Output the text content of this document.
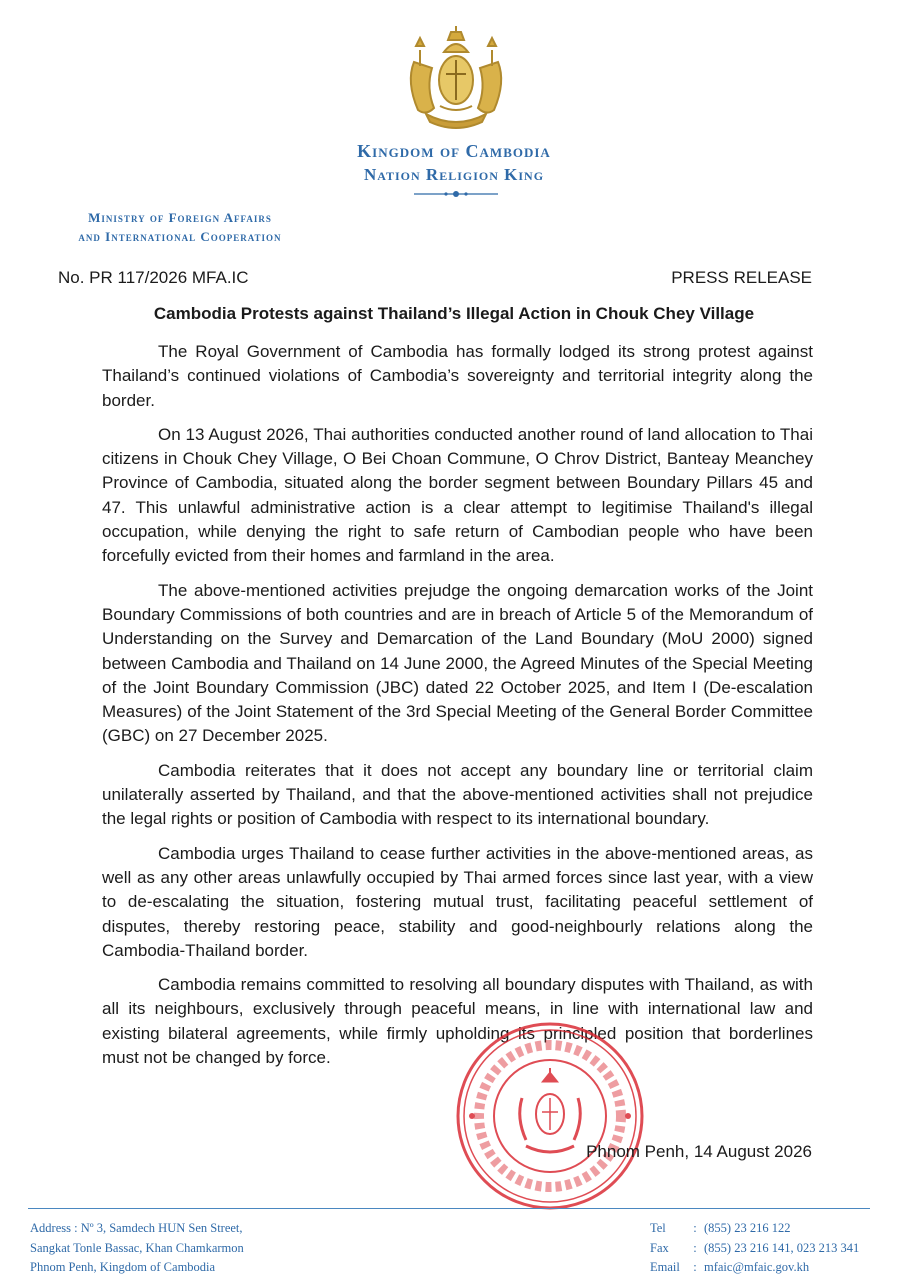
Kingdom of Cambodia
Nation Religion King
Ministry of Foreign Affairs
and International Cooperation
No. PR 117/2026 MFA.IC	PRESS RELEASE
Cambodia Protests against Thailand’s Illegal Action in Chouk Chey Village

The Royal Government of Cambodia has formally lodged its strong protest against Thailand’s continued violations of Cambodia’s sovereignty and territorial integrity along the border.

On 13 August 2026, Thai authorities conducted another round of land allocation to Thai citizens in Chouk Chey Village, O Bei Choan Commune, O Chrov District, Banteay Meanchey Province of Cambodia, situated along the border segment between Boundary Pillars 45 and 47. This unlawful administrative action is a clear attempt to legitimise Thailand's illegal occupation, while denying the right to safe return of Cambodian people who have been forcefully evicted from their homes and farmland in the area.

The above-mentioned activities prejudge the ongoing demarcation works of the Joint Boundary Commissions of both countries and are in breach of Article 5 of the Memorandum of Understanding on the Survey and Demarcation of the Land Boundary (MoU 2000) signed between Cambodia and Thailand on 14 June 2000, the Agreed Minutes of the Special Meeting of the Joint Boundary Commission (JBC) dated 22 October 2025, and Item I (De-escalation Measures) of the Joint Statement of the 3rd Special Meeting of the General Border Committee (GBC) on 27 December 2025.

Cambodia reiterates that it does not accept any boundary line or territorial claim unilaterally asserted by Thailand, and that the above-mentioned activities shall not prejudice the legal rights or position of Cambodia with respect to its international boundary.

Cambodia urges Thailand to cease further activities in the above-mentioned areas, as well as any other areas unlawfully occupied by Thai armed forces since last year, with a view to de-escalating the situation, fostering mutual trust, facilitating peaceful settlement of disputes, thereby restoring peace, stability and good-neighbourly relations along the Cambodia-Thailand border.

Cambodia remains committed to resolving all boundary disputes with Thailand, as with all its neighbours, exclusively through peaceful means, in line with international law and existing bilateral agreements, while firmly upholding its principled position that borderlines must not be changed by force.

Phnom Penh, 14 August 2026
Address : Nº 3, Samdech HUN Sen Street,
Sangkat Tonle Bassac, Khan Chamkarmon
Phnom Penh, Kingdom of Cambodia
Tel	: (855) 23 216 122
Fax	: (855) 23 216 141, 023 213 341
Email	: mfaic@mfaic.gov.kh
